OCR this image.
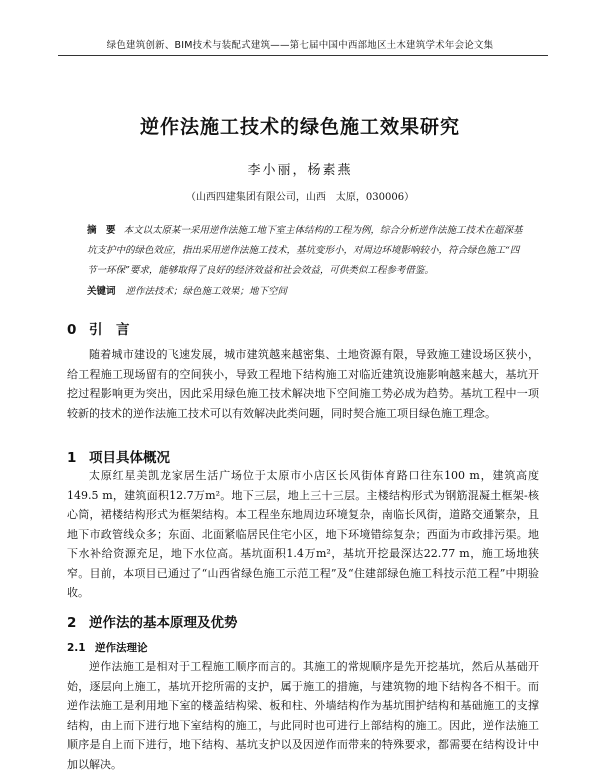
绿色建筑创新、BIM技术与装配式建筑——第七届中国中西部地区土木建筑学术年会论文集
逆作法施工技术的绿色施工效果研究
李小丽，杨素燕
（山西四建集团有限公司，山西　太原，030006）
摘　要 本文以太原某一采用逆作法施工地下室主体结构的工程为例，综合分析逆作法施工技术在超深基坑支护中的绿色效应，指出采用逆作法施工技术，基坑变形小，对周边环境影响较小，符合绿色施工“四节一环保”要求，能够取得了良好的经济效益和社会效益，可供类似工程参考借鉴。
关键词 逆作法技术；绿色施工效果；地下空间
0 引　言

随着城市建设的飞速发展，城市建筑越来越密集、土地资源有限，导致施工建设场区狭小，给工程施工现场留有的空间狭小，导致工程地下结构施工对临近建筑设施影响越来越大，基坑开挖过程影响更为突出，因此采用绿色施工技术解决地下空间施工势必成为趋势。基坑工程中一项较新的技术的逆作法施工技术可以有效解决此类问题，同时契合施工项目绿色施工理念。

1 项目具体概况

太原红星美凯龙家居生活广场位于太原市小店区长风街体育路口往东100 m，建筑高度149.5 m，建筑面积12.7万m²。地下三层，地上三十三层。主楼结构形式为钢筋混凝土框架-核心筒，裙楼结构形式为框架结构。本工程坐东地周边环境复杂，南临长风街，道路交通繁杂，且地下市政管线众多；东面、北面紧临居民住宅小区，地下环境错综复杂；西面为市政排污渠。地下水补给资源充足，地下水位高。基坑面积1.4万m²，基坑开挖最深达22.77 m，施工场地狭窄。目前，本项目已通过了“山西省绿色施工示范工程”及“住建部绿色施工科技示范工程”中期验收。

2 逆作法的基本原理及优势
2.1 逆作法理论

逆作法施工是相对于工程施工顺序而言的。其施工的常规顺序是先开挖基坑，然后从基础开始，逐层向上施工，基坑开挖所需的支护，属于施工的措施，与建筑物的地下结构各不相干。而逆作法施工是利用地下室的楼盖结构梁、板和柱、外墙结构作为基坑围护结构和基础施工的支撑结构，由上而下进行地下室结构的施工，与此同时也可进行上部结构的施工。因此，逆作法施工顺序是自上而下进行，地下结构、基坑支护以及因逆作而带来的特殊要求，都需要在结构设计中加以解决。
